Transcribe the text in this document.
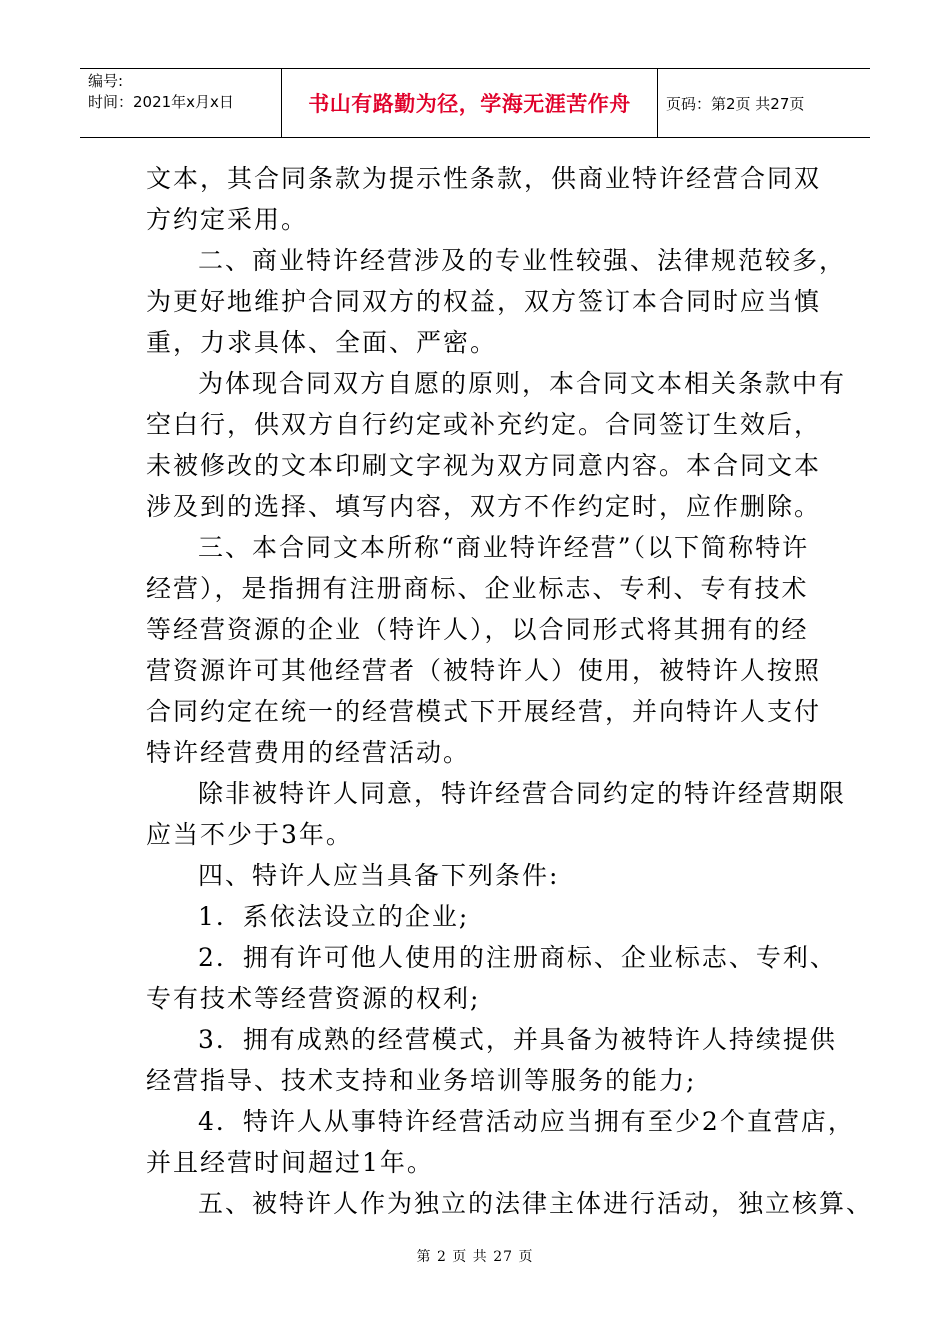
编号:
时间：2021年x月x日	书山有路勤为径，学海无涯苦作舟	页码：第2页 共27页
文本，其合同条款为提示性条款，供商业特许经营合同双
方约定采用。
二、商业特许经营涉及的专业性较强、法律规范较多，
为更好地维护合同双方的权益，双方签订本合同时应当慎
重，力求具体、全面、严密。
为体现合同双方自愿的原则，本合同文本相关条款中有
空白行，供双方自行约定或补充约定。合同签订生效后，
未被修改的文本印刷文字视为双方同意内容。本合同文本
涉及到的选择、填写内容，双方不作约定时，应作删除。
三、本合同文本所称“商业特许经营”（以下简称特许
经营），是指拥有注册商标、企业标志、专利、专有技术
等经营资源的企业（特许人），以合同形式将其拥有的经
营资源许可其他经营者（被特许人）使用，被特许人按照
合同约定在统一的经营模式下开展经营，并向特许人支付
特许经营费用的经营活动。
除非被特许人同意，特许经营合同约定的特许经营期限
应当不少于3年。
四、特许人应当具备下列条件:
1．系依法设立的企业;
2．拥有许可他人使用的注册商标、企业标志、专利、
专有技术等经营资源的权利;
3．拥有成熟的经营模式，并具备为被特许人持续提供
经营指导、技术支持和业务培训等服务的能力;
4．特许人从事特许经营活动应当拥有至少2个直营店，
并且经营时间超过1年。
五、被特许人作为独立的法律主体进行活动，独立核算、
第 2 页 共 27 页
